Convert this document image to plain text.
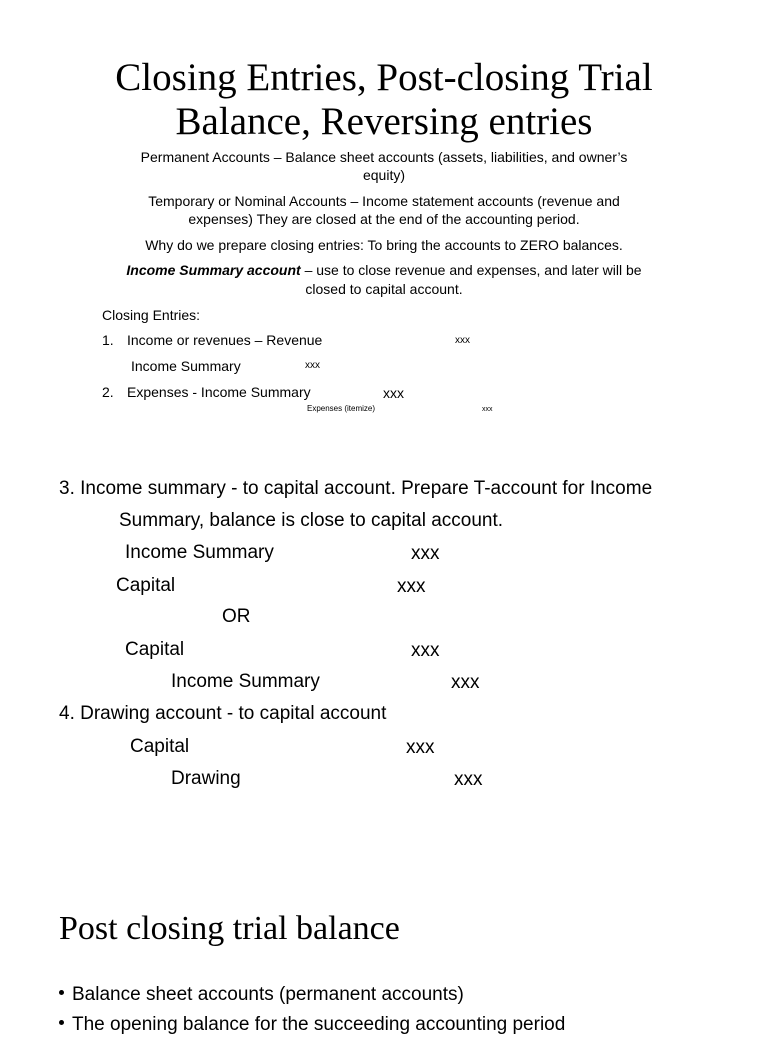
Closing Entries, Post-closing Trial
Balance, Reversing entries
Permanent Accounts – Balance sheet accounts (assets, liabilities, and owner’s
equity)
Temporary or Nominal Accounts – Income statement accounts (revenue and
expenses) They are closed at the end of the accounting period.
Why do we prepare closing entries: To bring the accounts to ZERO balances.
Income Summary account – use to close revenue and expenses, and later will be
closed to capital account.
Closing Entries:
1. Income or revenues – Revenue	xxx
Income Summary	xxx
2. Expenses - Income Summary	xxx
Expenses (itemize)	xxx
3. Income summary - to capital account. Prepare T-account for Income
Summary, balance is close to capital account.
Income Summary	xxx
Capital	xxx
OR
Capital	xxx
Income Summary	xxx
4. Drawing account - to capital account
Capital	xxx
Drawing	xxx
Post closing trial balance
Balance sheet accounts (permanent accounts)
The opening balance for the succeeding accounting period
